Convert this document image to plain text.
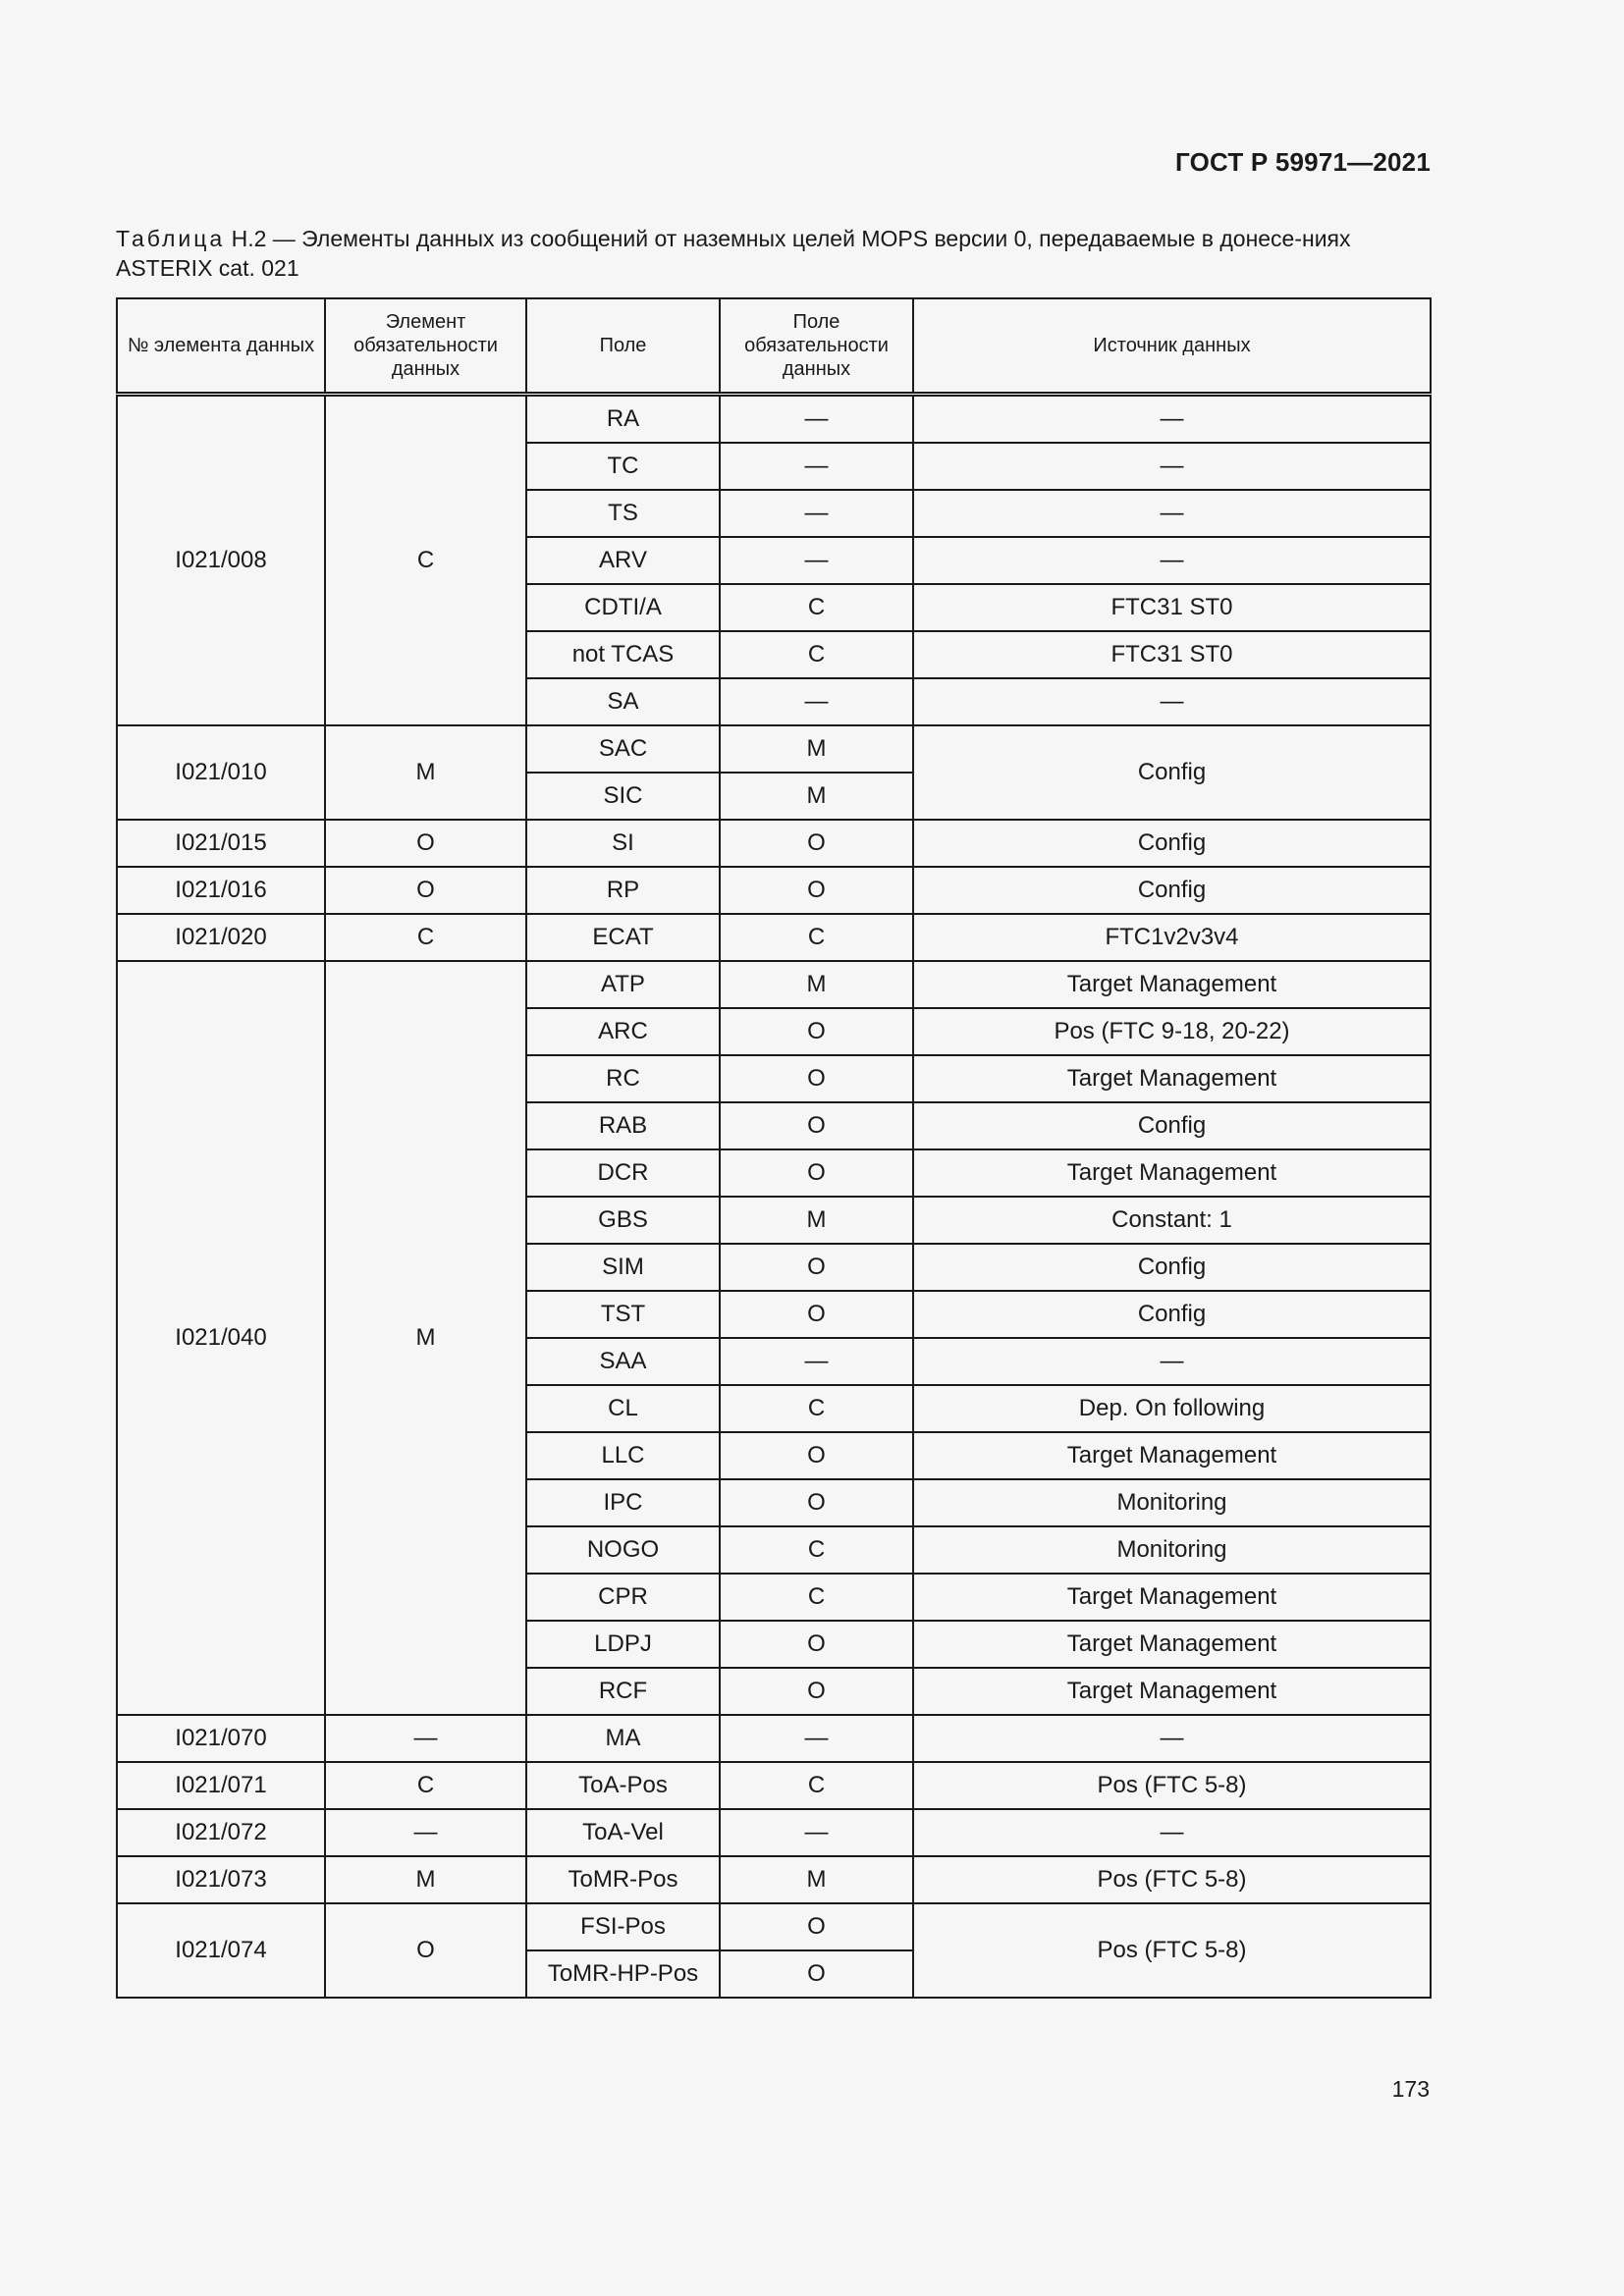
ГОСТ Р 59971—2021
Таблица H.2 — Элементы данных из сообщений от наземных целей MOPS версии 0, передаваемые в донесе-ниях ASTERIX cat. 021
№ элемента данных	Элемент обязательности данных	Поле	Поле обязательности данных	Источник данных
I021/008	C	RA	—	—
		TC	—	—
		TS	—	—
		ARV	—	—
		CDTI/A	C	FTC31 ST0
		not TCAS	C	FTC31 ST0
		SA	—	—
I021/010	M	SAC	M	Config
		SIC	M	
I021/015	O	SI	O	Config
I021/016	O	RP	O	Config
I021/020	C	ECAT	C	FTC1v2v3v4
I021/040	M	ATP	M	Target Management
		ARC	O	Pos (FTC 9-18, 20-22)
		RC	O	Target Management
		RAB	O	Config
		DCR	O	Target Management
		GBS	M	Constant: 1
		SIM	O	Config
		TST	O	Config
		SAA	—	—
		CL	C	Dep. On following
		LLC	O	Target Management
		IPC	O	Monitoring
		NOGO	C	Monitoring
		CPR	C	Target Management
		LDPJ	O	Target Management
		RCF	O	Target Management
I021/070	—	MA	—	—
I021/071	C	ToA-Pos	C	Pos (FTC 5-8)
I021/072	—	ToA-Vel	—	—
I021/073	M	ToMR-Pos	M	Pos (FTC 5-8)
I021/074	O	FSI-Pos	O	Pos (FTC 5-8)
		ToMR-HP-Pos	O	
173
